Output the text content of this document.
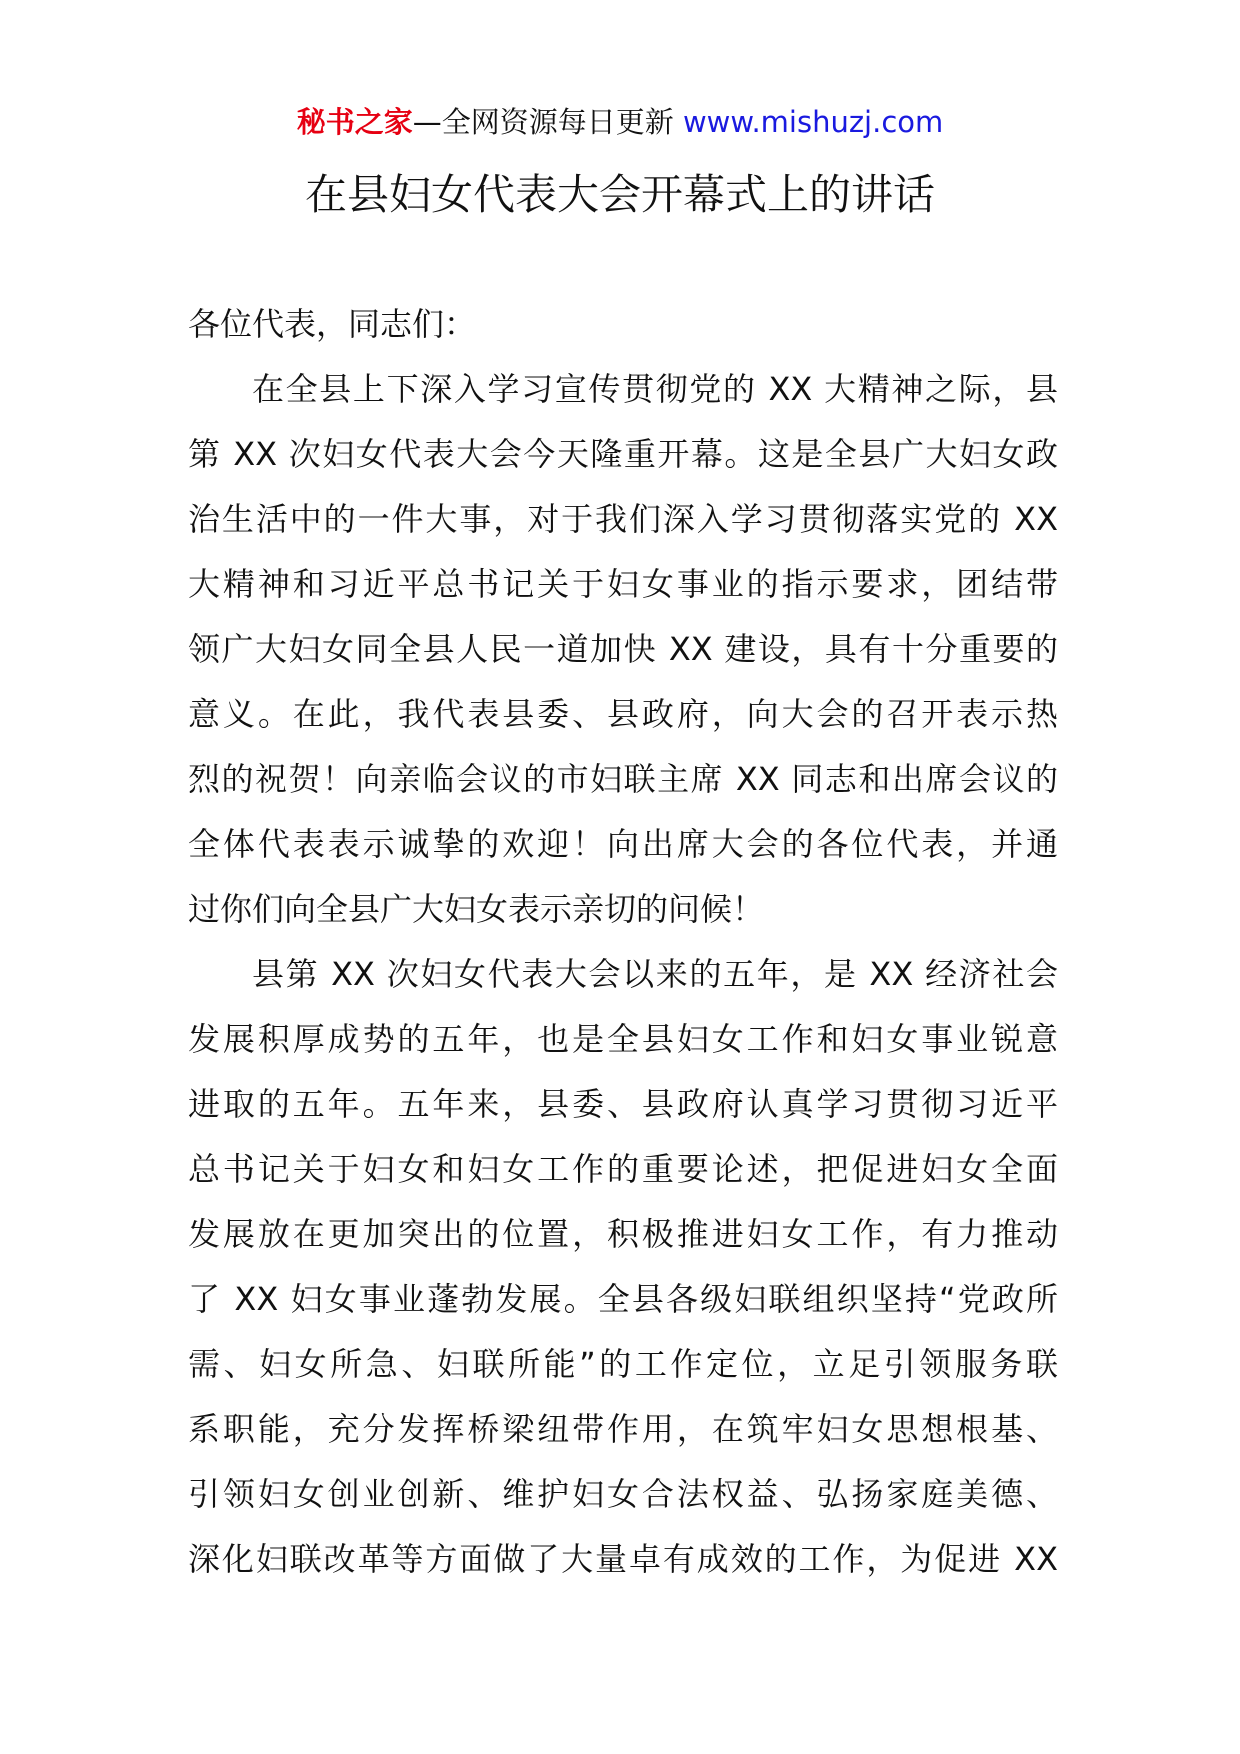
秘书之家—全网资源每日更新 www.mishuzj.com
在县妇女代表大会开幕式上的讲话
各位代表，同志们：
在全县上下深入学习宣传贯彻党的 XX 大精神之际，县
第 XX 次妇女代表大会今天隆重开幕。这是全县广大妇女政
治生活中的一件大事，对于我们深入学习贯彻落实党的 XX
大精神和习近平总书记关于妇女事业的指示要求，团结带
领广大妇女同全县人民一道加快 XX 建设，具有十分重要的
意义。在此，我代表县委、县政府，向大会的召开表示热
烈的祝贺！向亲临会议的市妇联主席 XX 同志和出席会议的
全体代表表示诚挚的欢迎！向出席大会的各位代表，并通
过你们向全县广大妇女表示亲切的问候！
县第 XX 次妇女代表大会以来的五年，是 XX 经济社会
发展积厚成势的五年，也是全县妇女工作和妇女事业锐意
进取的五年。五年来，县委、县政府认真学习贯彻习近平
总书记关于妇女和妇女工作的重要论述，把促进妇女全面
发展放在更加突出的位置，积极推进妇女工作，有力推动
了 XX 妇女事业蓬勃发展。全县各级妇联组织坚持“党政所
需、妇女所急、妇联所能”的工作定位，立足引领服务联
系职能，充分发挥桥梁纽带作用，在筑牢妇女思想根基、
引领妇女创业创新、维护妇女合法权益、弘扬家庭美德、
深化妇联改革等方面做了大量卓有成效的工作，为促进 XX
